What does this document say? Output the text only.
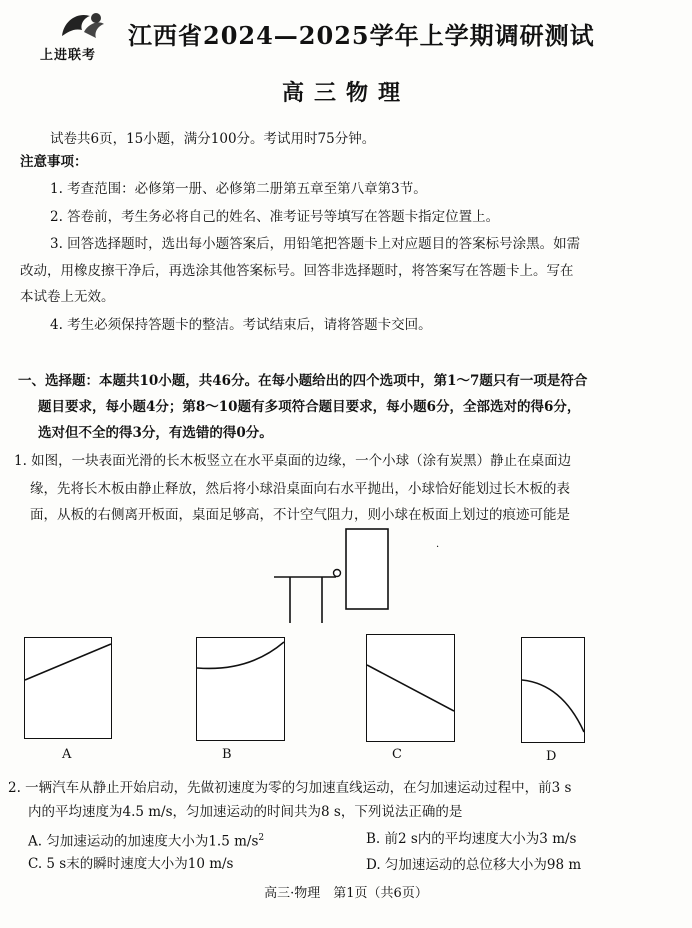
上进联考
江西省2024—2025学年上学期调研测试
高三物理
试卷共6页，15小题，满分100分。考试用时75分钟。
注意事项：
1. 考查范围：必修第一册、必修第二册第五章至第八章第3节。
2. 答卷前，考生务必将自己的姓名、准考证号等填写在答题卡指定位置上。
3. 回答选择题时，选出每小题答案后，用铅笔把答题卡上对应题目的答案标号涂黑。如需
改动，用橡皮擦干净后，再选涂其他答案标号。回答非选择题时，将答案写在答题卡上。写在
本试卷上无效。
4. 考生必须保持答题卡的整洁。考试结束后，请将答题卡交回。
一、选择题：本题共10小题，共46分。在每小题给出的四个选项中，第1～7题只有一项是符合
题目要求，每小题4分；第8～10题有多项符合题目要求，每小题6分，全部选对的得6分，
选对但不全的得3分，有选错的得0分。
1. 如图，一块表面光滑的长木板竖立在水平桌面的边缘，一个小球（涂有炭黑）静止在桌面边
缘，先将长木板由静止释放，然后将小球沿桌面向右水平抛出，小球恰好能划过长木板的表
面，从板的右侧离开板面，桌面足够高，不计空气阻力，则小球在板面上划过的痕迹可能是
·
A	B	C	D
2. 一辆汽车从静止开始启动，先做初速度为零的匀加速直线运动，在匀加速运动过程中，前3 s
内的平均速度为4.5 m/s，匀加速运动的时间共为8 s，下列说法正确的是
A. 匀加速运动的加速度大小为1.5 $m/s^2$	B. 前2 s内的平均速度大小为3 m/s
C. 5 s末的瞬时速度大小为10 m/s	D. 匀加速运动的总位移大小为98 m
高三·物理　第1页（共6页）
